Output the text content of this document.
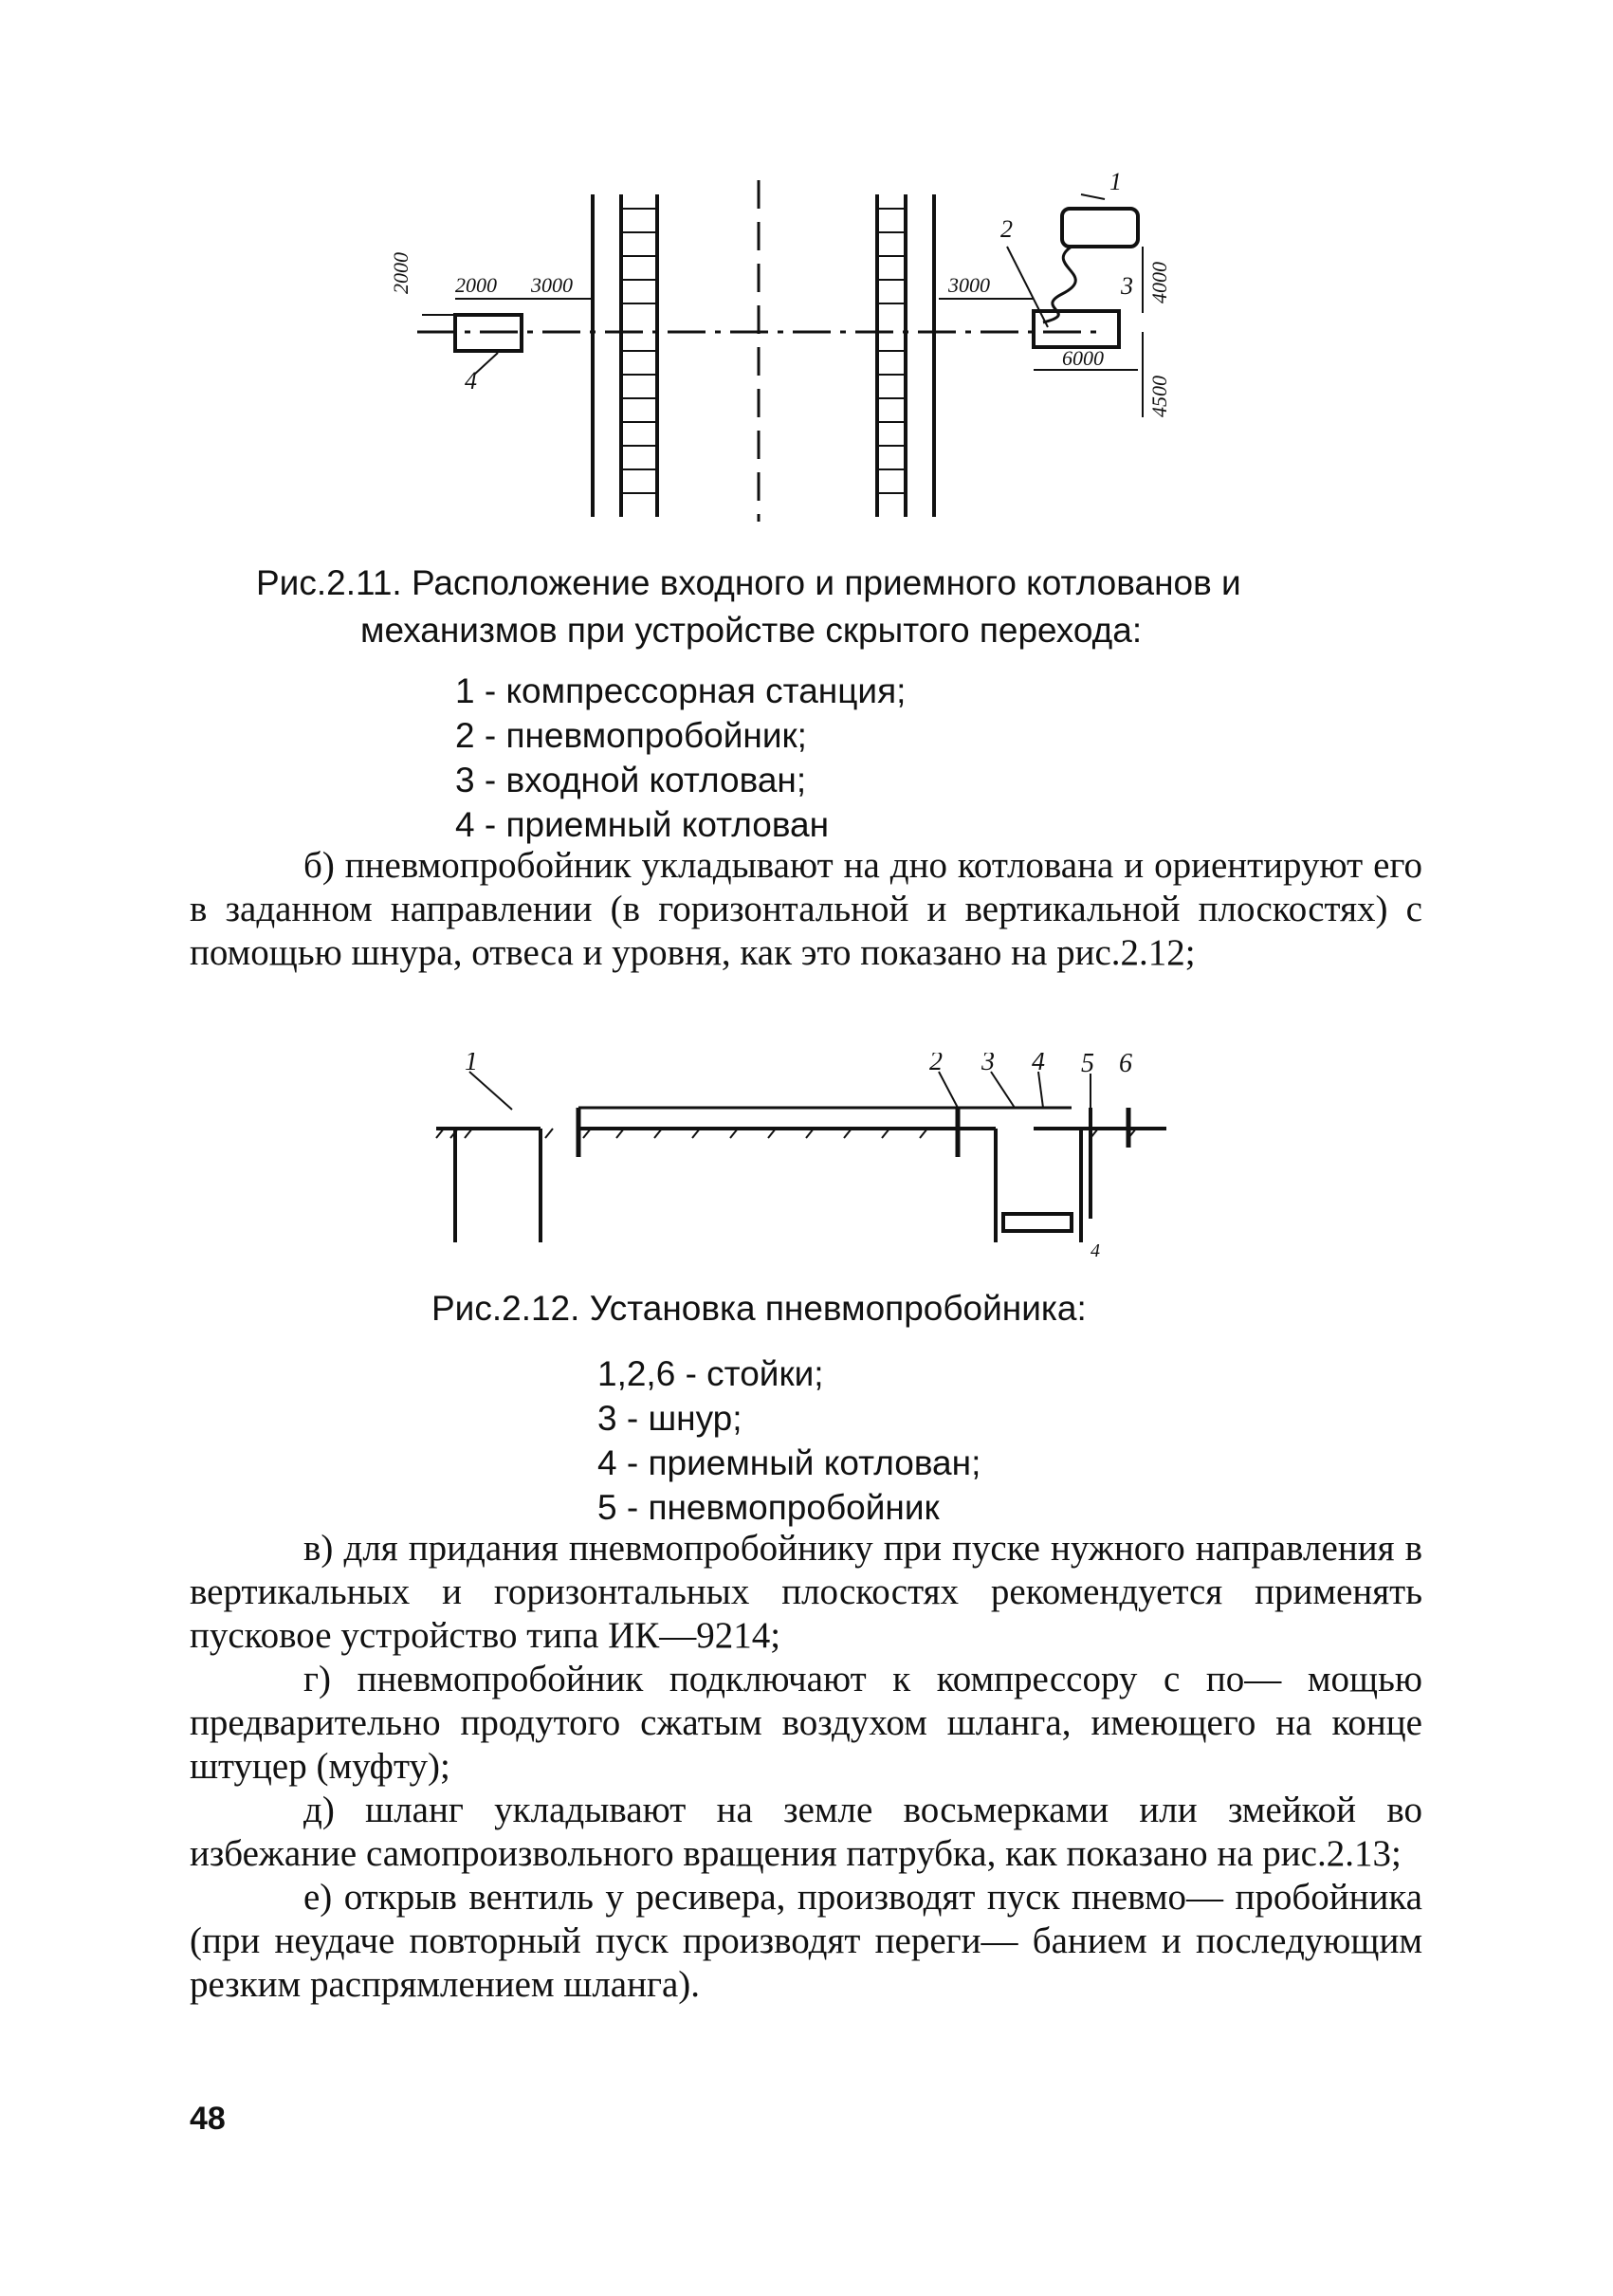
1
2
3
4
2000 2000 3000	3000
6000
4000
4500
Рис.2.11. Расположение входного и приемного котлованов и
механизмов при устройстве скрытого перехода:
1 - компрессорная станция;
2 - пневмопробойник;
3 - входной котлован;
4 - приемный котлован

б) пневмопробойник укладывают на дно котлована и ориентируют его в заданном направлении (в горизонтальной и вертикальной плоскостях) с помощью шнура, отвеса и уровня, как это показано на рис.2.12;

1	2 3 4 5 6
4
Рис.2.12. Установка пневмопробойника:
1,2,6 - стойки;
3 - шнур;
4 - приемный котлован;
5 - пневмопробойник

в) для придания пневмопробойнику при пуске нужного направления в вертикальных и горизонтальных плоскостях рекомендуется применять пусковое устройство типа ИК—9214;

г) пневмопробойник подключают к компрессору с по— мощью предварительно продутого сжатым воздухом шланга, имеющего на конце штуцер (муфту);

д) шланг укладывают на земле восьмерками или змейкой во избежание самопроизвольного вращения патрубка, как показано на рис.2.13;

е) открыв вентиль у ресивера, производят пуск пневмо— пробойника (при неудаче повторный пуск производят переги— банием и последующим резким распрямлением шланга).

48
